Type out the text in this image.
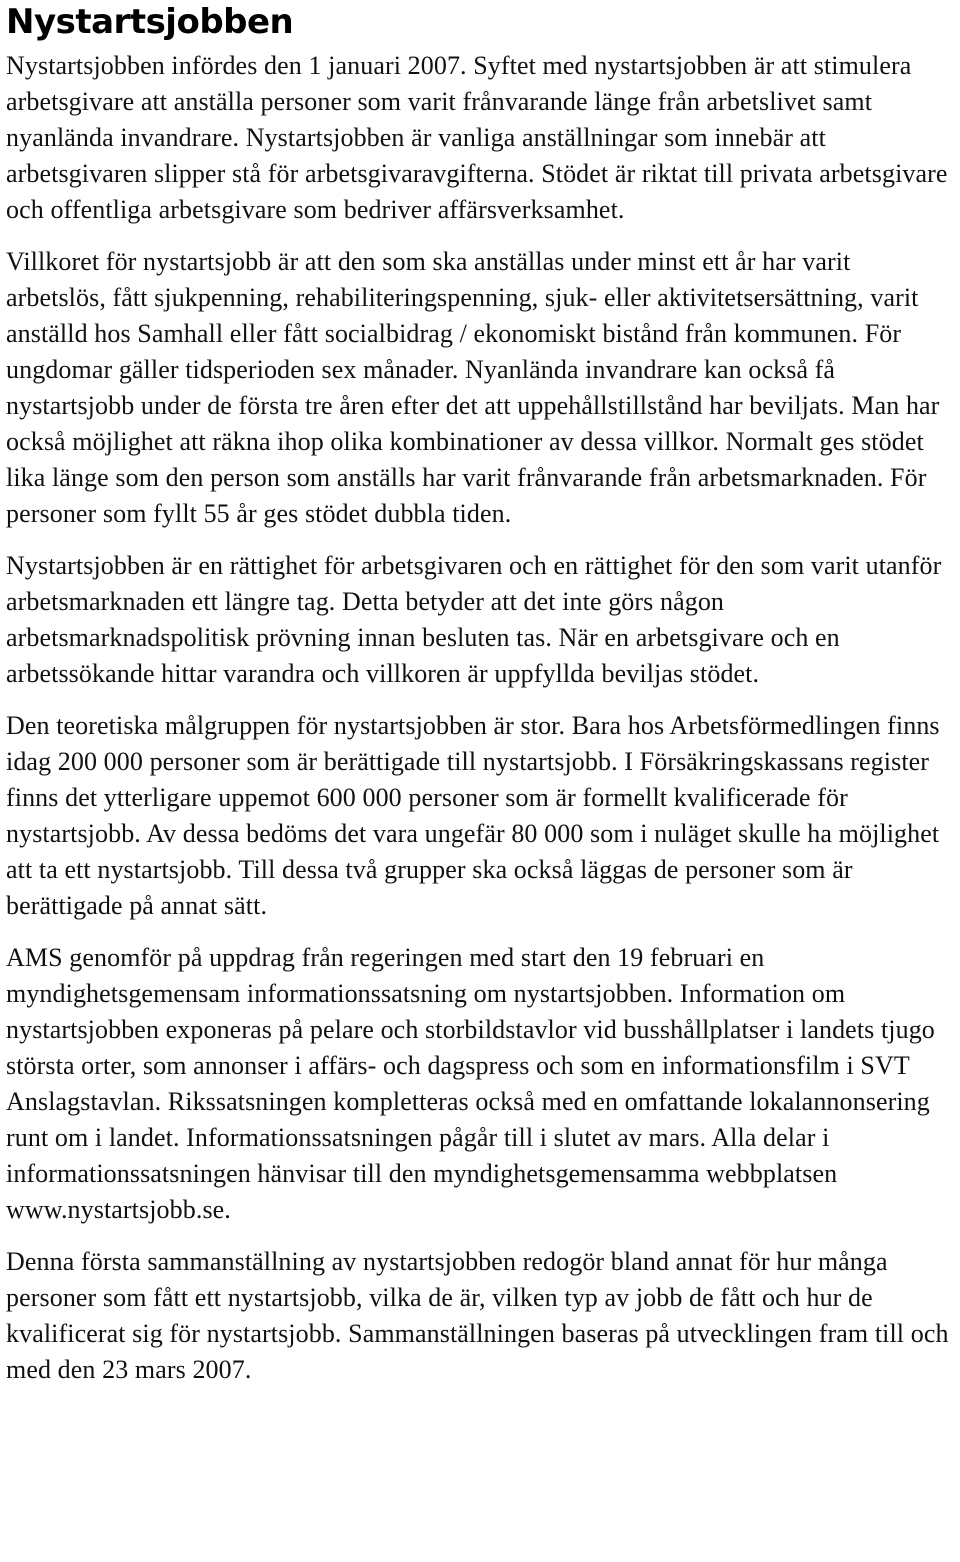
Nystartsjobben

Nystartsjobben infördes den 1 januari 2007. Syftet med nystartsjobben är att stimulera arbetsgivare att anställa personer som varit frånvarande länge från arbetslivet samt nyanlända invandrare. Nystartsjobben är vanliga anställningar som innebär att arbetsgivaren slipper stå för arbetsgivaravgifterna. Stödet är riktat till privata arbetsgivare och offentliga arbetsgivare som bedriver affärsverksamhet.

Villkoret för nystartsjobb är att den som ska anställas under minst ett år har varit arbetslös, fått sjukpenning, rehabiliteringspenning, sjuk- eller aktivitetsersättning, varit anställd hos Samhall eller fått socialbidrag / ekonomiskt bistånd från kommunen. För ungdomar gäller tidsperioden sex månader. Nyanlända invandrare kan också få nystartsjobb under de första tre åren efter det att uppehållstillstånd har beviljats. Man har också möjlighet att räkna ihop olika kombinationer av dessa villkor. Normalt ges stödet lika länge som den person som anställs har varit frånvarande från arbetsmarknaden. För personer som fyllt 55 år ges stödet dubbla tiden.

Nystartsjobben är en rättighet för arbetsgivaren och en rättighet för den som varit utanför arbetsmarknaden ett längre tag. Detta betyder att det inte görs någon arbetsmarknadspolitisk prövning innan besluten tas. När en arbetsgivare och en arbetssökande hittar varandra och villkoren är uppfyllda beviljas stödet.

Den teoretiska målgruppen för nystartsjobben är stor. Bara hos Arbetsförmedlingen finns idag 200 000 personer som är berättigade till nystartsjobb. I Försäkringskassans register finns det ytterligare uppemot 600 000 personer som är formellt kvalificerade för nystartsjobb. Av dessa bedöms det vara ungefär 80 000 som i nuläget skulle ha möjlighet att ta ett nystartsjobb. Till dessa två grupper ska också läggas de personer som är berättigade på annat sätt.

AMS genomför på uppdrag från regeringen med start den 19 februari en myndighetsgemensam informationssatsning om nystartsjobben. Information om nystartsjobben exponeras på pelare och storbildstavlor vid busshållplatser i landets tjugo största orter, som annonser i affärs- och dagspress och som en informationsfilm i SVT Anslagstavlan. Rikssatsningen kompletteras också med en omfattande lokalannonsering runt om i landet. Informationssatsningen pågår till i slutet av mars. Alla delar i informationssatsningen hänvisar till den myndighetsgemensamma webbplatsen www.nystartsjobb.se.

Denna första sammanställning av nystartsjobben redogör bland annat för hur många personer som fått ett nystartsjobb, vilka de är, vilken typ av jobb de fått och hur de kvalificerat sig för nystartsjobb. Sammanställningen baseras på utvecklingen fram till och med den 23 mars 2007.
